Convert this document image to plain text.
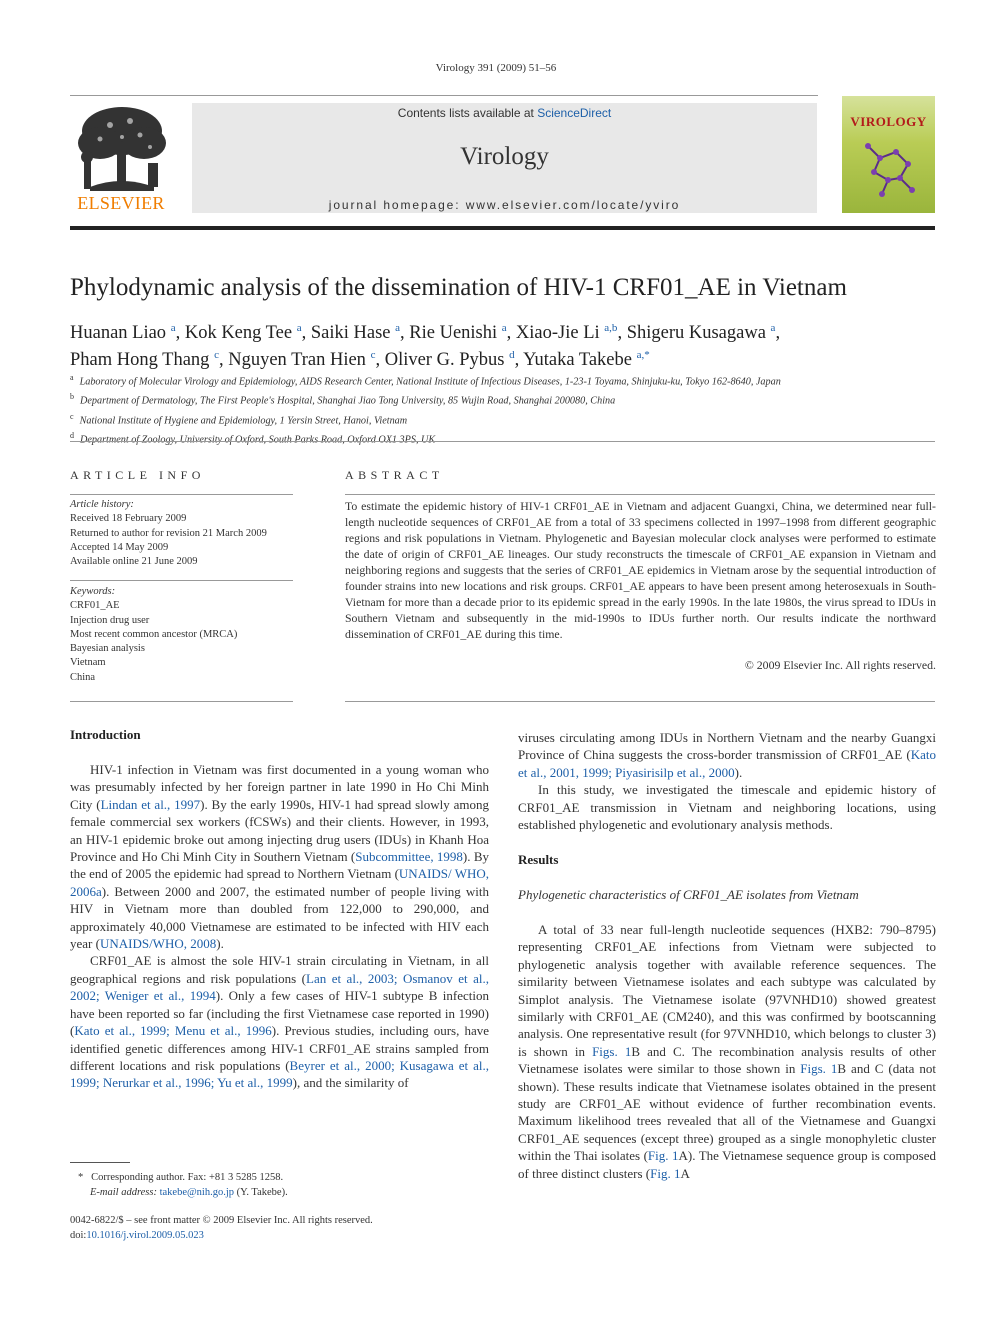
Virology 391 (2009) 51–56
Contents lists available at ScienceDirect
Virology
journal homepage: www.elsevier.com/locate/yviro
ELSEVIER
VIROLOGY
Phylodynamic analysis of the dissemination of HIV-1 CRF01_AE in Vietnam
Huanan Liao $^a$, Kok Keng Tee $^a$, Saiki Hase $^a$, Rie Uenishi $^a$, Xiao-Jie Li $^{a,b}$, Shigeru Kusagawa $^a$,
Pham Hong Thang $^c$, Nguyen Tran Hien $^c$, Oliver G. Pybus $^d$, Yutaka Takebe $^{a,*}$
$^a$ Laboratory of Molecular Virology and Epidemiology, AIDS Research Center, National Institute of Infectious Diseases, 1-23-1 Toyama, Shinjuku-ku, Tokyo 162-8640, Japan
$^b$ Department of Dermatology, The First People's Hospital, Shanghai Jiao Tong University, 85 Wujin Road, Shanghai 200080, China
$^c$ National Institute of Hygiene and Epidemiology, 1 Yersin Street, Hanoi, Vietnam
$^d$
ARTICLE INFO
Article history:
Received 18 February 2009
Returned to author for revision 21 March 2009
Accepted 14 May 2009
Available online 21 June 2009
Keywords:
CRF01_AE
Injection drug user
Most recent common ancestor (MRCA)
Bayesian analysis
Vietnam
China
ABSTRACT
To estimate the epidemic history of HIV-1 CRF01_AE in Vietnam and adjacent Guangxi, China, we determined near full-length nucleotide sequences of CRF01_AE from a total of 33 specimens collected in 1997–1998 from different geographic regions and risk populations in Vietnam. Phylogenetic and Bayesian molecular clock analyses were performed to estimate the date of origin of CRF01_AE lineages. Our study reconstructs the timescale of CRF01_AE expansion in Vietnam and neighboring regions and suggests that the series of CRF01_AE epidemics in Vietnam arose by the sequential introduction of founder strains into new locations and risk groups. CRF01_AE appears to have been present among heterosexuals in South-Vietnam for more than a decade prior to its epidemic spread in the early 1990s. In the late 1980s, the virus spread to IDUs in Southern Vietnam and subsequently in the mid-1990s to IDUs further north. Our results indicate the northward dissemination of CRF01_AE during this time.
© 2009 Elsevier Inc. All rights reserved.
Introduction

HIV-1 infection in Vietnam was first documented in a young woman who was presumably infected by her foreign partner in late 1990 in Ho Chi Minh City (Lindan et al., 1997). By the early 1990s, HIV-1 had spread slowly among female commercial sex workers (fCSWs) and their clients. However, in 1993, an HIV-1 epidemic broke out among injecting drug users (IDUs) in Khanh Hoa Province and Ho Chi Minh City in Southern Vietnam (Subcommittee, 1998). By the end of 2005 the epidemic had spread to Northern Vietnam (UNAIDS/ WHO, 2006a). Between 2000 and 2007, the estimated number of people living with HIV in Vietnam more than doubled from 122,000 to 290,000, and approximately 40,000 Vietnamese are estimated to be infected with HIV each year (UNAIDS/WHO, 2008).

CRF01_AE is almost the sole HIV-1 strain circulating in Vietnam, in all geographical regions and risk populations (Lan et al., 2003; Osmanov et al., 2002; Weniger et al., 1994). Only a few cases of HIV-1 subtype B infection have been reported so far (including the first Vietnamese case reported in 1990) (Kato et al., 1999; Menu et al., 1996). Previous studies, including ours, have identified genetic differences among HIV-1 CRF01_AE strains sampled from different locations and risk populations (Beyrer et al., 2000; Kusagawa et al., 1999; Nerurkar et al., 1996; Yu et al., 1999), and the similarity of

viruses circulating among IDUs in Northern Vietnam and the nearby Guangxi Province of China suggests the cross-border transmission of CRF01_AE (Kato et al., 2001, 1999; Piyasirisilp et al., 2000).

In this study, we investigated the timescale and epidemic history of CRF01_AE transmission in Vietnam and neighboring locations, using established phylogenetic and evolutionary analysis methods.

Results
Phylogenetic characteristics of CRF01_AE isolates from Vietnam

A total of 33 near full-length nucleotide sequences (HXB2: 790–8795) representing CRF01_AE infections from Vietnam were subjected to phylogenetic analysis together with available reference sequences. The similarity between Vietnamese isolates and each subtype was calculated by Simplot analysis. The Vietnamese isolate (97VNHD10) showed greatest similarly with CRF01_AE (CM240), and this was confirmed by bootscanning analysis. One representative result (for 97VNHD10, which belongs to cluster 3) is shown in Figs. 1B and C. The recombination analysis results of other Vietnamese isolates were similar to those shown in Figs. 1B and C (data not shown). These results indicate that Vietnamese isolates obtained in the present study are CRF01_AE without evidence of further recombination events. Maximum likelihood trees revealed that all of the Vietnamese and Guangxi CRF01_AE sequences (except three) grouped as a single monophyletic cluster within the Thai isolates (Fig. 1A). The Vietnamese sequence group is composed of three distinct clusters (Fig. 1A

* Corresponding author. Fax: +81 3 5285 1258.
E-mail address: takebe@nih.go.jp (Y. Takebe).
0042-6822/$ – see front matter © 2009 Elsevier Inc. All rights reserved.
doi:10.1016/j.virol.2009.05.023
